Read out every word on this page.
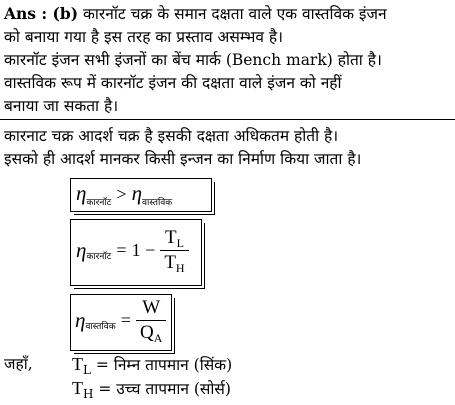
Ans : (b) कारनॉट चक्र के समान दक्षता वाले एक वास्तविक इंजन
को बनाया गया है इस तरह का प्रस्ताव असम्भव है।
कारनॉट इंजन सभी इंजनों का बेंच मार्क (Bench mark) होता है।
वास्तविक रूप में कारनॉट इंजन की दक्षता वाले इंजन को नहीं
बनाया जा सकता है।
कारनाट चक्र आदर्श चक्र है इसकी दक्षता अधिकतम होती है।
इसको ही आदर्श मानकर किसी इन्जन का निर्माण किया जाता है।
$\eta_{कारनॉट} > \eta_{वास्तविक}$
$\eta_{कारनॉट} = 1 - \frac{T_L}{T_H}$
$\eta_{वास्तविक} = \frac{W}{Q_A}$
जहाँ, $T_L$ = निम्न तापमान (सिंक)
$T_H$ = उच्च तापमान (सोर्स)
